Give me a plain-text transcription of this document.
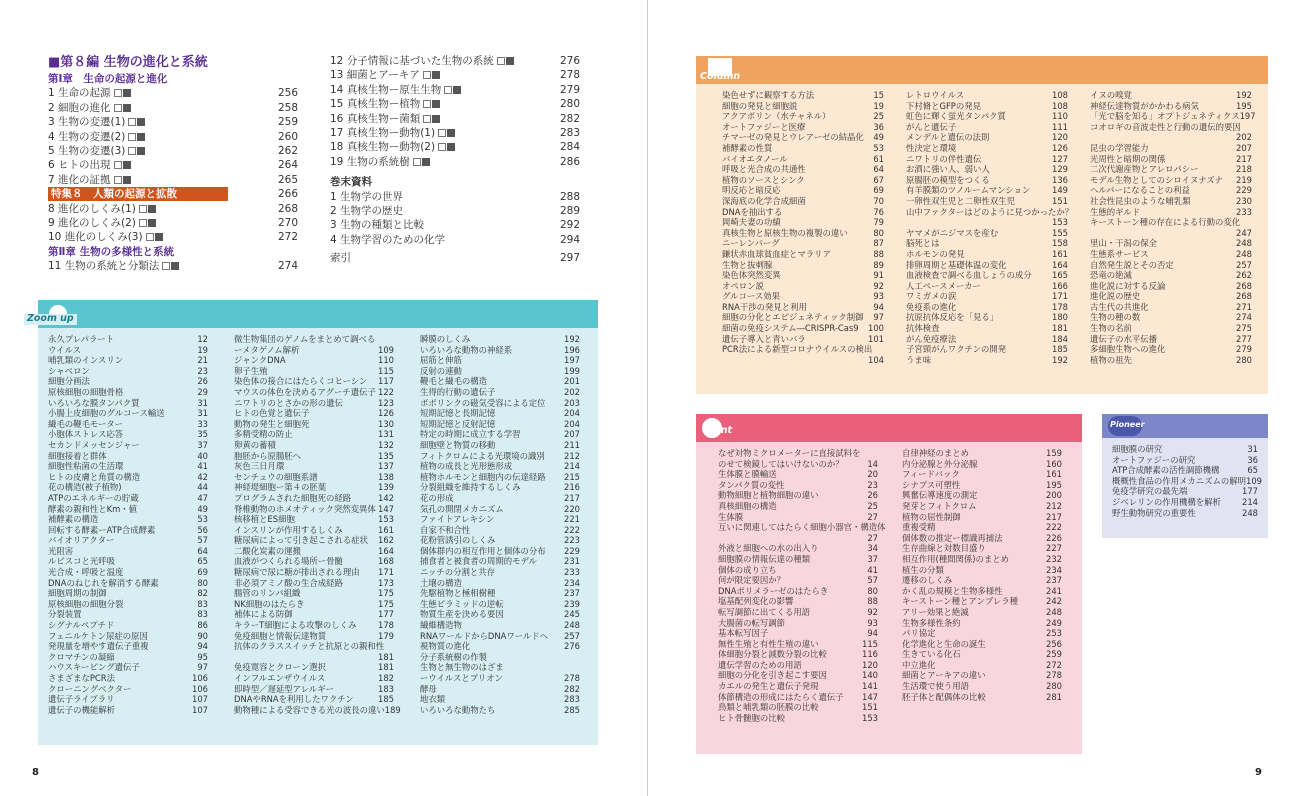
■第８編 生物の進化と系統
第Ⅰ章　生命の起源と進化
1 生命の起源	256
2 細胞の進化	258
3 生物の変遷(1)	259
4 生物の変遷(2)	260
5 生物の変遷(3)	262
6 ヒトの出現	264
7 進化の証拠	265
特集８　 人類の起源と拡散	266
8 進化のしくみ(1)	268
9 進化のしくみ(2)	270
10 進化のしくみ(3)	272
第Ⅱ章 生物の多様性と系統
11 生物の系統と分類法	274
12 分子情報に基づいた生物の系統	276
13 細菌とアーキア	278
14 真核生物ー原生生物	279
15 真核生物ー植物	280
16 真核生物ー菌類	282
17 真核生物ー動物(1)	283
18 真核生物ー動物(2)	284
19 生物の系統樹	286
巻末資料
1 生物学の世界	288
2 生物学の歴史	289
3 生物の種類と比較	292
4 生物学習のための化学	294
索引	297
Zoom up
永久プレパラート	12
ウイルス	19
哺乳類のインスリン	21
シャペロン	23
細胞分画法	26
原核細胞の細胞骨格	29
いろいろな膜タンパク質	31
小腸上皮細胞のグルコース輸送	31
繊毛の鞭毛モーター	33
小胞体ストレス応答	35
セカンドメッセンジャー	37
細胞接着と群体	40
細胞性粘菌の生活環	41
ヒトの皮膚と角質の構造	42
花の構造(被子植物)	44
ATPのエネルギーの貯蔵	47
酵素の親和性とKm・値	49
補酵素の構造	53
回転する酵素ーATP合成酵素	56
バイオリアクター	57
光阻害	64
ルビスコと光呼吸	65
光合成・呼吸と温度	69
DNAのねじれを解消する酵素	80
細胞周期の制御	82
原核細胞の細胞分裂	83
分裂装置	83
シグナルペプチド	86
フェニルケトン尿症の原因	90
発現量を増やす遺伝子重複	94
クロマチンの凝縮	95
ハウスキーピング遺伝子	97
さまざまなPCR法	106
クローニングベクター	106
遺伝子ライブラリ	107
遺伝子の機能解析	107
微生物集団のゲノムをまとめて調べる
ーメタゲノム解析	109
ジャンクDNA	110
卵子生殖	115
染色体の接合にはたらくコヒーシン	117
マウスの体色を決めるアグーチ遺伝子 122
ニワトリのとさかの形の遺伝	123
ヒトの色覚と遺伝子	126
動物の発生と細胞死	130
多精受精の防止	131
卵黄の蓄積	132
胞胚から原腸胚へ	135
灰色三日月環	137
センチュウの細胞系譜	138
神経堤細胞ー第４の胚葉	139
プログラムされた細胞死の経路	142
脊椎動物のホメオティック突然変異体 147
核移植とES細胞	153
インスリンが作用するしくみ	161
糖尿病によって引き起こされる症状	162
二酸化炭素の運搬	164
血液がつくられる場所ー骨髄	168
糖尿病で尿に糖が排出される理由	171
非必須アミノ酸の生合成経路	173
腸管のリンパ組織	175
NK細胞のはたらき	175
補体による防御	177
キラーT細胞による攻撃のしくみ	178
免疫細胞と情報伝達物質	179
抗体のクラススイッチと抗原との親和性
181
免疫寛容とクローン選択	181
インフルエンザウイルス	182
即時型／遅延型アレルギー	183
DNAやRNAを利用したワクチン	185
動物種による受容できる光の波長の違い 189
瞬膜のしくみ	192
いろいろな動物の神経系	196
屈筋と伸筋	197
反射の連動	199
鞭毛と繊毛の構造	201
生得的行動の遺伝子	202
ボボリンクの磁気受容による定位	203
短期記憶と長期記憶	204
短期記憶と反射記憶	204
特定の時期に成立する学習	207
細胞壁と物質の移動	211
フィトクロムによる光環境の識別	212
植物の成長と光形態形成	214
植物ホルモンと細胞内の伝達経路	215
分裂組織を維持するしくみ	216
花の形成	217
気孔の開閉メカニズム	220
ファイトアレキシン	221
自家不和合性	222
花粉管誘引のしくみ	223
個体群内の相互作用と個体の分布	229
捕食者と被食者の周期的モデル	231
ニッチの分割と共存	233
土壌の構造	234
先駆植物と極相樹種	237
生態ピラミッドの逆転	239
物質生産を決める要因	245
繊維構造物	248
RNAワールドからDNAワールドへ	257
視物質の進化	276
分子系統樹の作製
生物と無生物のはざま
ーウイルスとプリオン	278
酵母	282
地衣類	283
いろいろな動物たち	285
8
Column
染色せずに観察する方法	15
細胞の発見と細胞説	19
アクアポリン（水チャネル）	25
オートファジーと医療	36
チマーゼの発見とウレアーゼの結晶化	49
補酵素の性質	53
バイオエタノール	61
呼吸と光合成の共通性	64
植物のソースとシンク	67
明反応と暗反応	69
深海底の化学合成細菌	70
DNAを抽出する	76
岡崎夫妻の功績	79
真核生物と原核生物の複製の違い	80
ニーレンバーグ	87
鎌状赤血球貧血症とマラリア	88
生物と抜刺腺	89
染色体突然変異	91
オペロン説	92
グルコース効果	93
RNA干渉の発見と利用	94
細胞の分化とエピジェネティック制御	97
細菌の免疫システム―CRISPR-Cas9	100
遺伝子導入と青いバラ	101
PCR法による新型コロナウイルスの検出
104
レトロウイルス	108
下村脩とGFPの発見	108
虹色に輝く蛍光タンパク質	110
がんと遺伝子	111
メンデルと遺伝の法則	120
性決定と環境	126
ニワトリの伴性遺伝	127
お酒に強い人、弱い人	129
原腸胚の模型をつくる	136
有羊膜類のツノルームマンション	149
一卵性双生児と二卵性双生児	151
山中ファクターはどのように見つかったか？
153
ヤマメがニジマスを産む	155
脳死とは	158
ホルモンの発見	161
排卵周期と基礎体温の変化	164
血液検査で調べる血しょうの成分	165
人工ペースメーカー	166
ワミガメの涙	171
免疫系の進化	178
抗原抗体反応を「見る」	180
抗体検査	181
がん免疫療法	184
子宮頸がんワクチンの開発	185
うま味	192
イヌの嗅覚	192
神経伝達物質がかかわる病気	195
「光で脳を知る」オプトジェネティクス 197
コオロギの音波走性と行動の遺伝的要因
202
昆虫の学習能力	207
光周性と暗期の関係	217
二次代謝産物とアレロパシー	218
モデル生物としてのシロイヌナズナ	219
ヘルパーになることの利益	229
社会性昆虫のような哺乳類	230
生態的ギルド	233
キーストーン種の存在による行動の変化
247
里山・干潟の保全	248
生態系サービス	248
自然発生説とその否定	257
恐竜の絶滅	262
進化説に対する反論	268
進化説の歴史	268
古生代の共進化	271
生物の種の数	274
生物の名前	275
遺伝子の水平伝播	277
多細胞生物への進化	279
植物の祖先	280
Point
なぜ対物ミクロメーターに直接試料を
のせて検鏡してはいけないのか？	14
生体膜と膜輸送	20
タンパク質の変性	23
動物細胞と植物細胞の違い	26
真核細胞の構造	25
生体膜	27
互いに関連してはたらく細胞小器官・構造体
27
外液と細胞への水の出入り	34
細胞膜の情報伝達の種類	37
個体の成り立ち	41
何が限定要因か？	57
DNAポリメラーゼのはたらき	80
塩基配列変化の影響	88
転写調節に出てくる用語	92
大腸菌の転写調節	93
基本転写因子	94
無性生殖と有性生殖の違い	115
体細胞分裂と減数分裂の比較	116
遺伝学習のための用語	120
細胞の分化を引き起こす要因	140
カエルの発生と遺伝子発現	141
体節構造の形成にはたらく遺伝子	147
鳥類と哺乳類の胚膜の比較	151
ヒト骨髄胞の比較	153
自律神経のまとめ	159
内分泌腺と外分泌腺	160
フィードバック	161
シナプス可塑性	195
興奮伝導速度の測定	200
発芽とフィトクロム	212
植物の屈性制御	217
重複受精	222
個体数の推定ー標識再捕法	226
生存曲線と対数目盛り	227
相互作用(種間関係)のまとめ	232
植生の分類	234
遷移のしくみ	237
かく乱の規模と生物多様性	241
キーストーン種とアンブレラ種	242
アリー効果と絶滅	248
生物多様性条約	249
パリ協定	253
化学進化と生命の誕生	256
生きている化石	259
中立進化	272
細菌とアーキアの違い	278
生活環で使う用語	280
胚子体と配偶体の比較	281
Pioneer
細胞膜の研究	31
オートファジーの研究	36
ATP合成酵素の活性調節機構	65
概概性食品の作用メカニズムの解明 109
免疫学研究の最先端	177
ジベレリンの作用機構を解析	214
野生動物研究の重要性	248
9
